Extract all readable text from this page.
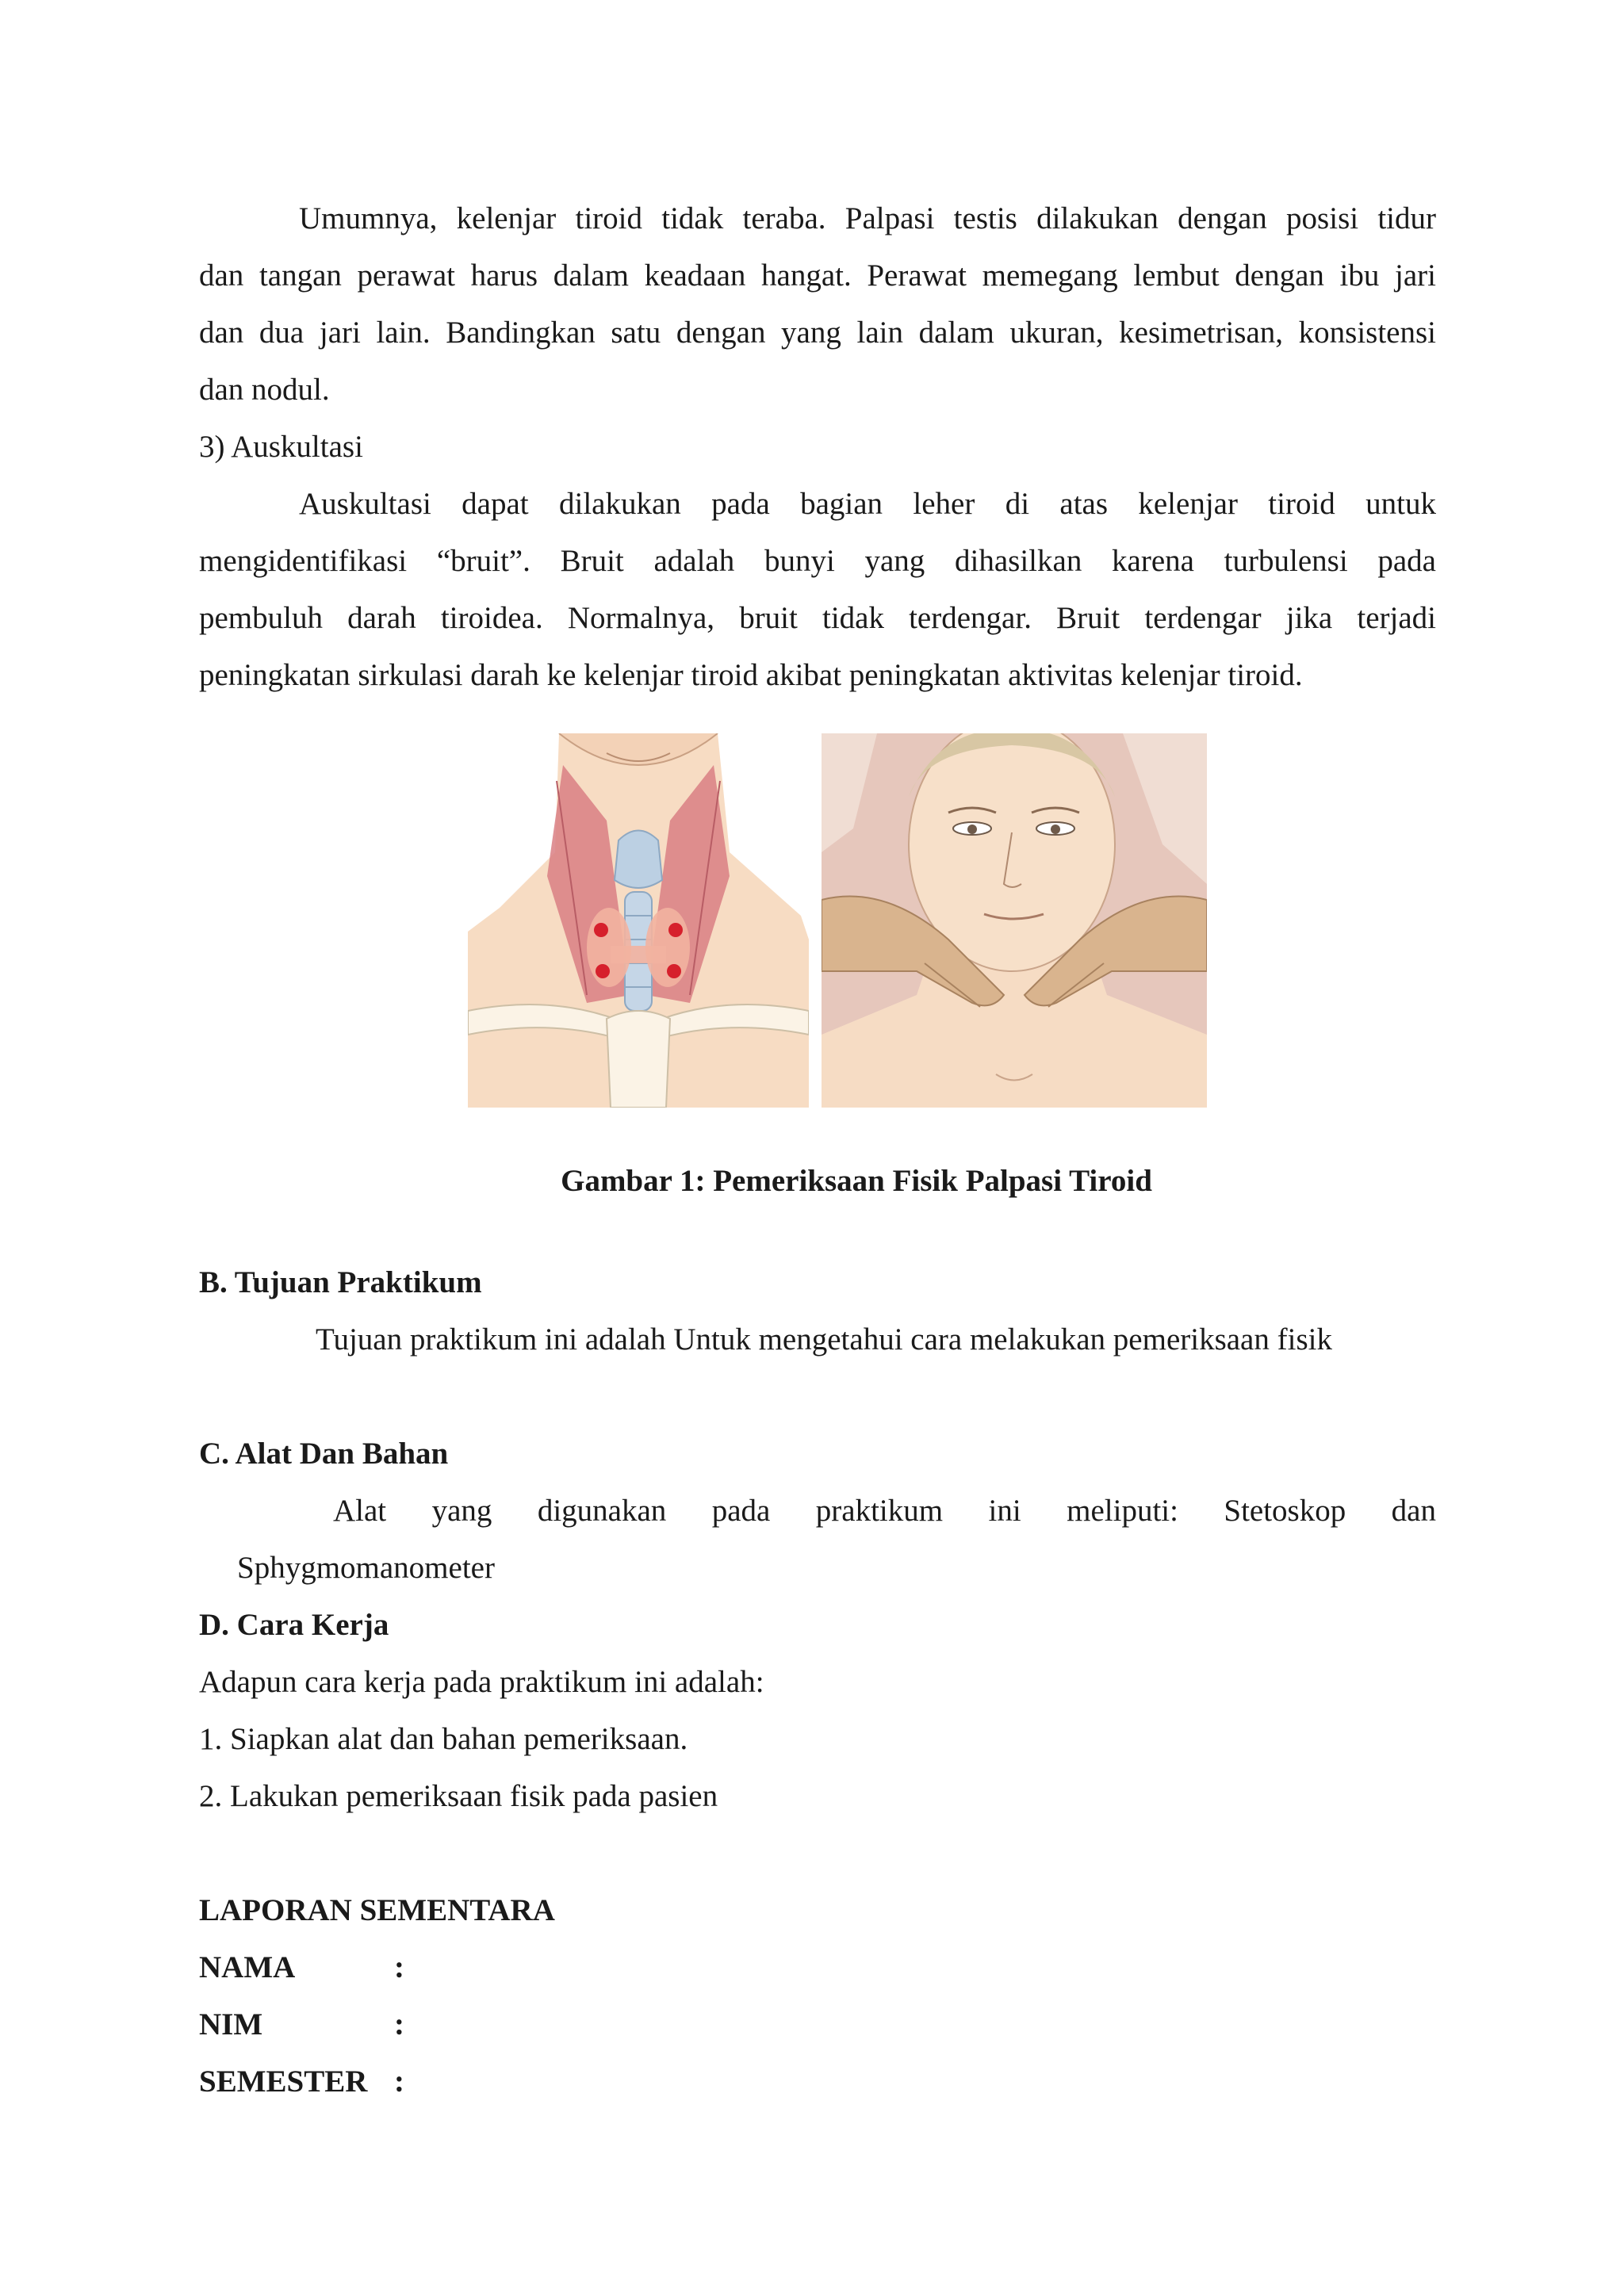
Umumnya, kelenjar tiroid tidak teraba. Palpasi testis dilakukan dengan posisi tidur
dan tangan perawat harus dalam keadaan hangat. Perawat memegang lembut dengan ibu jari
dan dua jari lain. Bandingkan satu dengan yang lain dalam ukuran, kesimetrisan, konsistensi
dan nodul.
3) Auskultasi
Auskultasi dapat dilakukan pada bagian leher di atas kelenjar tiroid untuk
mengidentifikasi “bruit”. Bruit adalah bunyi yang dihasilkan karena turbulensi pada
pembuluh darah tiroidea. Normalnya, bruit tidak terdengar. Bruit terdengar jika terjadi
peningkatan sirkulasi darah ke kelenjar tiroid akibat peningkatan aktivitas kelenjar tiroid.
Gambar 1: Pemeriksaan Fisik Palpasi Tiroid
B. Tujuan Praktikum
Tujuan praktikum ini adalah Untuk mengetahui cara melakukan pemeriksaan fisik
C. Alat Dan Bahan
Alat yang digunakan pada praktikum ini meliputi: Stetoskop dan
Sphygmomanometer
D. Cara Kerja
Adapun cara kerja pada praktikum ini adalah:
1. Siapkan alat dan bahan pemeriksaan.
2. Lakukan pemeriksaan fisik pada pasien
LAPORAN SEMENTARA
NAMA	:
NIM	:
SEMESTER :
